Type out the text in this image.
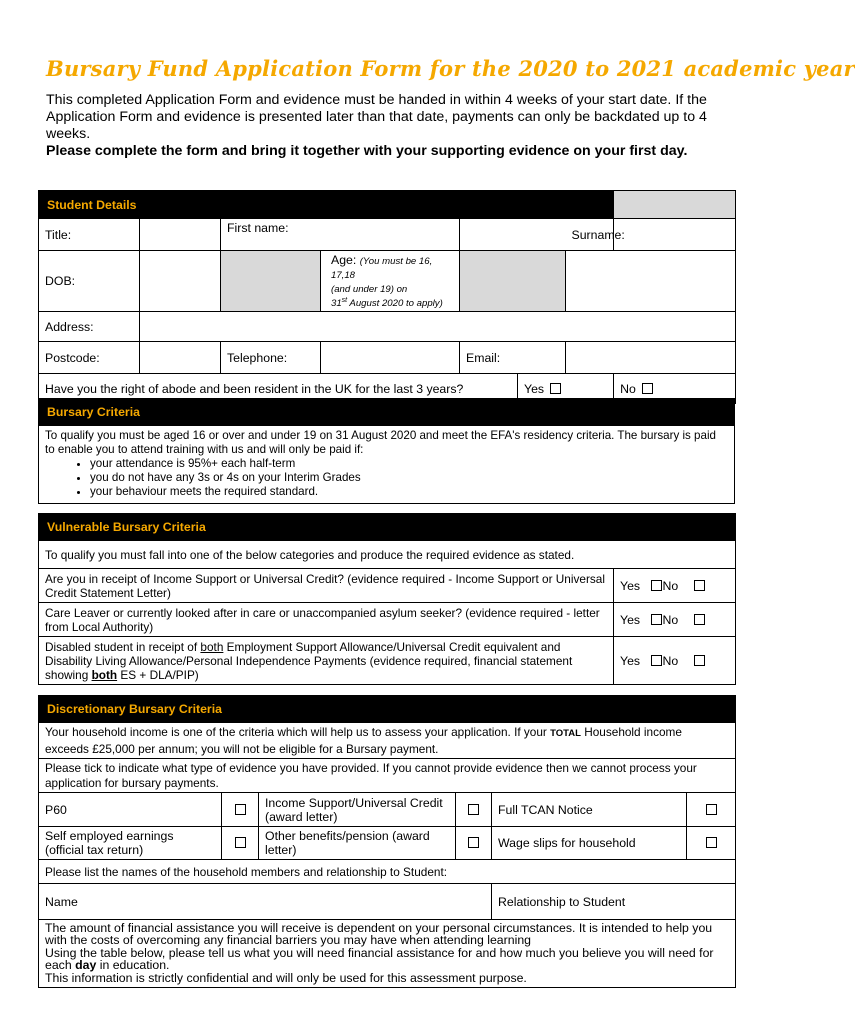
Bursary Fund Application Form for the 2020 to 2021 academic year
This completed Application Form and evidence must be handed in within 4 weeks of your start date. If the Application Form and evidence is presented later than that date, payments can only be backdated up to 4 weeks.
Please complete the form and bring it together with your supporting evidence on your first day.
Student Details							
Title:		First name:				Surname:	
DOB:			Age: (You must be 16, 17,18
(and under 19) on
31st August 2020 to apply)				
Address:							
Postcode:		Telephone:		Email:			
Have you the right of abode and been resident in the UK for the last 3 years?					Yes		No
Bursary Criteria

To qualify you must be aged 16 or over and under 19 on 31 August 2020 and meet the EFA's residency criteria. The bursary is paid to enable you to attend training with us and will only be paid if:
• your attendance is 95%+ each half-term
• you do not have any 3s or 4s on your Interim Grades
• your behaviour meets the required standard.
Vulnerable Bursary Criteria	
To qualify you must fall into one of the below categories and produce the required evidence as stated.	
Are you in receipt of Income Support or Universal Credit? (evidence required - Income Support or Universal Credit Statement Letter)	Yes No
Care Leaver or currently looked after in care or unaccompanied asylum seeker? (evidence required - letter from Local Authority)	Yes No
Disabled student in receipt of both Employment Support Allowance/Universal Credit equivalent and Disability Living Allowance/Personal Independence Payments (evidence required, financial statement showing both ES + DLA/PIP)	Yes No
Discretionary Bursary Criteria					
Your household income is one of the criteria which will help us to assess your application. If your TOTAL Household income exceeds £25,000 per annum; you will not be eligible for a Bursary payment.					
Please tick to indicate what type of evidence you have provided. If you cannot provide evidence then we cannot process your application for bursary payments.					
P60		Income Support/Universal Credit (award letter)		Full TCAN Notice	
Self employed earnings (official tax return)		Other benefits/pension (award letter)		Wage slips for household	
Please list the names of the household members and relationship to Student:					
Name				Relationship to Student	

The amount of financial assistance you will receive is dependent on your personal circumstances. It is intended to help you with the costs of overcoming any financial barriers you may have when attending learning
Using the table below, please tell us what you will need financial assistance for and how much you believe you will need for each day in education.
This information is strictly confidential and will only be used for this assessment purpose.					
